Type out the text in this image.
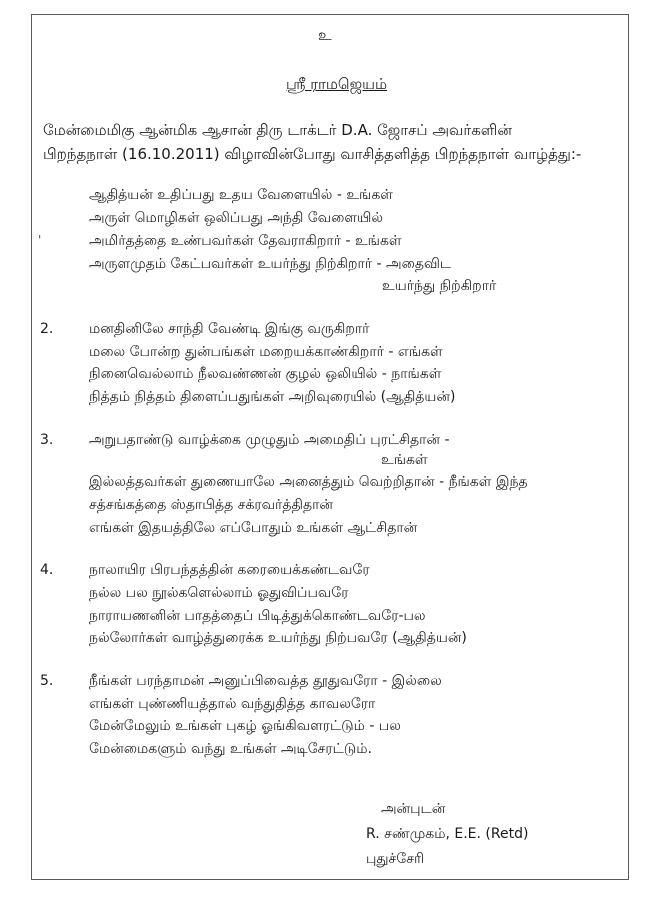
உ
ஸ்ரீ ராமஜெயம்
மேன்மைமிகு ஆன்மிக ஆசான் திரு டாக்டர் D.A. ஜோசப் அவர்களின்
பிறந்தநாள் (16.10.2011) விழாவின்போது வாசித்தளித்த பிறந்தநாள் வாழ்த்து:-
ஆதித்யன் உதிப்பது உதய வேளையில் - உங்கள்
அருள் மொழிகள் ஒலிப்பது அந்தி வேளையில்
'	அமிர்தத்தை உண்பவர்கள் தேவராகிறார் - உங்கள்
அருளமுதம் கேட்பவர்கள் உயர்ந்து நிற்கிறார் - அதைவிட
உயர்ந்து நிற்கிறார்
2.	மனதினிலே சாந்தி வேண்டி இங்கு வருகிறார்
மலை போன்ற துன்பங்கள் மறையக்காண்கிறார் - எங்கள்
நினைவெல்லாம் நீலவண்ணன் குழல் ஒலியில் - நாங்கள்
நித்தம் நித்தம் திளைப்பதுங்கள் அறிவுரையில் (ஆதித்யன்)
3.	அறுபதாண்டு வாழ்க்கை முழுதும் அமைதிப் புரட்சிதான் -
உங்கள்
இல்லத்தவர்கள் துணையாலே அனைத்தும் வெற்றிதான் - நீங்கள் இந்த
சத்சங்கத்தை ஸ்தாபித்த சக்ரவர்த்திதான்
எங்கள் இதயத்திலே எப்போதும் உங்கள் ஆட்சிதான்
4.	நாலாயிர பிரபந்தத்தின் கரையைக்கண்டவரே
நல்ல பல நூல்களெல்லாம் ஓதுவிப்பவரே
நாராயணனின் பாதத்தைப் பிடித்துக்கொண்டவரே-பல
நல்லோர்கள் வாழ்த்துரைக்க உயர்ந்து நிற்பவரே (ஆதித்யன்)
5.	நீங்கள் பரந்தாமன் அனுப்பிவைத்த தூதுவரோ - இல்லை
எங்கள் புண்ணியத்தால் வந்துதித்த காவலரோ
மேன்மேலும் உங்கள் புகழ் ஓங்கிவளரட்டும் - பல
மேன்மைகளும் வந்து உங்கள் அடிசேரட்டும்.
அன்புடன்
R. சண்முகம், E.E. (Retd)
புதுச்சேரி
